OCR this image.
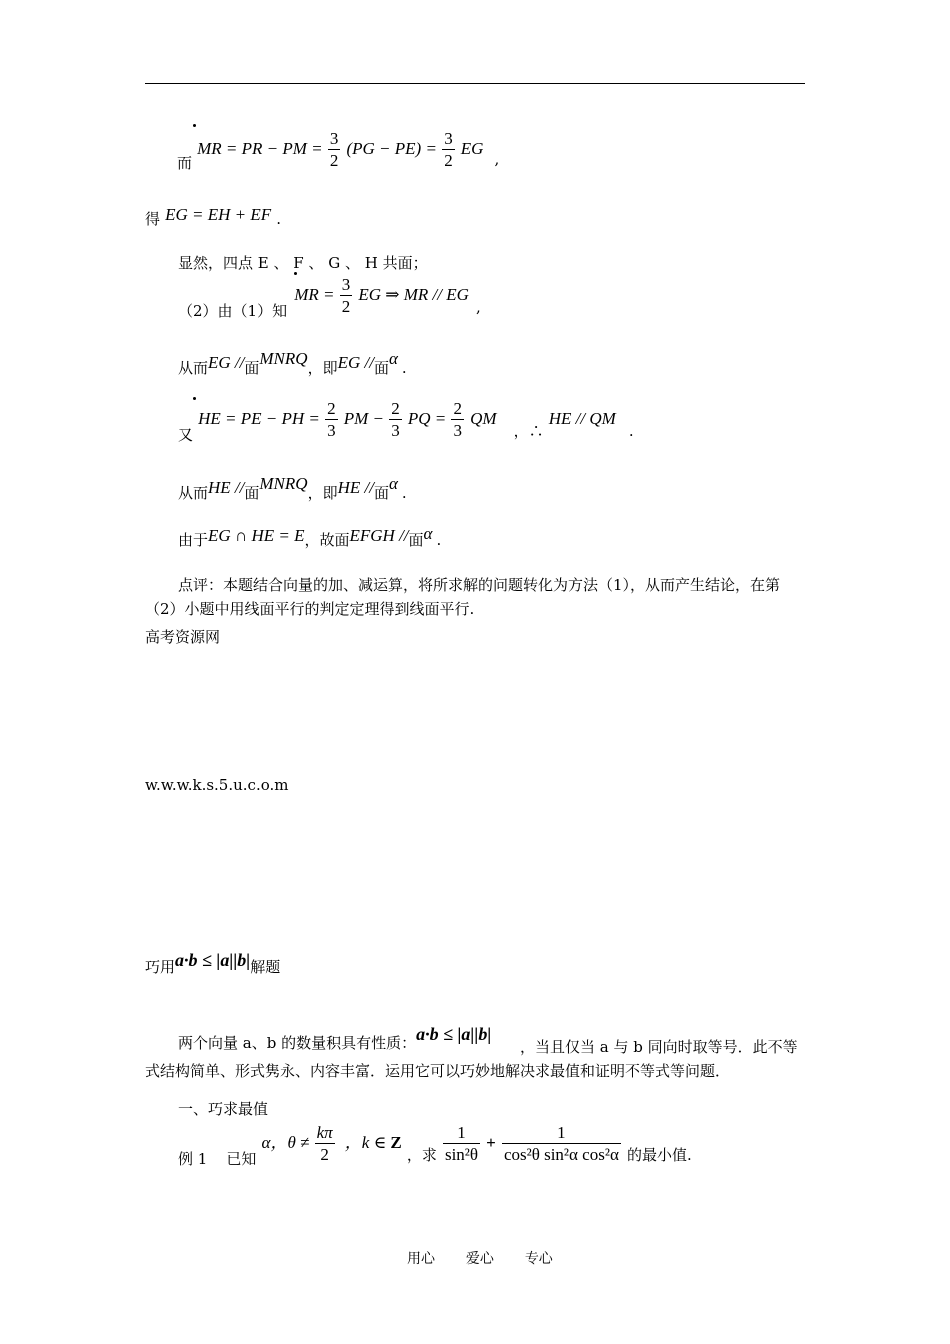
而 MR = PR − PM = $\frac{3}{2} (PG - PE) = \frac{3}{2}$ EG ,
得 EG = EH + EF .
显然，四点 E 、 F 、 G 、 H 共面；
（2）由（1）知 MR = $\frac{3}{2}$ EG ⇒ MR // EG ,
从而EG //面MNRQ，即EG //面α .
又 HE = PE − PH = $\frac{2}{3}$ PM − $\frac{2}{3}$ PQ = $\frac{2}{3}$ QM ，∴ HE // QM .
从而HE //面MNRQ，即HE //面α .
由于EG ∩ HE = E，故面EFGH //面α .
点评：本题结合向量的加、减运算，将所求解的问题转化为方法（1），从而产生结论，在第（2）小题中用线面平行的判定定理得到线面平行.
高考资源网
w.w.w.k.s.5.u.c.o.m
巧用a·b ≤ |a||b|解题
两个向量 a、b 的数量积具有性质：a·b ≤ |a||b|
，当且仅当 a 与 b 同向时取等号．此不等式结构简单、形式隽永、内容丰富．运用它可以巧妙地解决求最值和证明不等式等问题．
一、巧求最值
例 1 已知 α，$\theta \ne \frac{k\pi}{2}$ ，k ∈ Z ，求 $\frac{1}{\text{sin²θ}} + \frac{1}{\text{cos²θ sin²α cos²α}}$ 的最小值.
用心 爱心 专心
